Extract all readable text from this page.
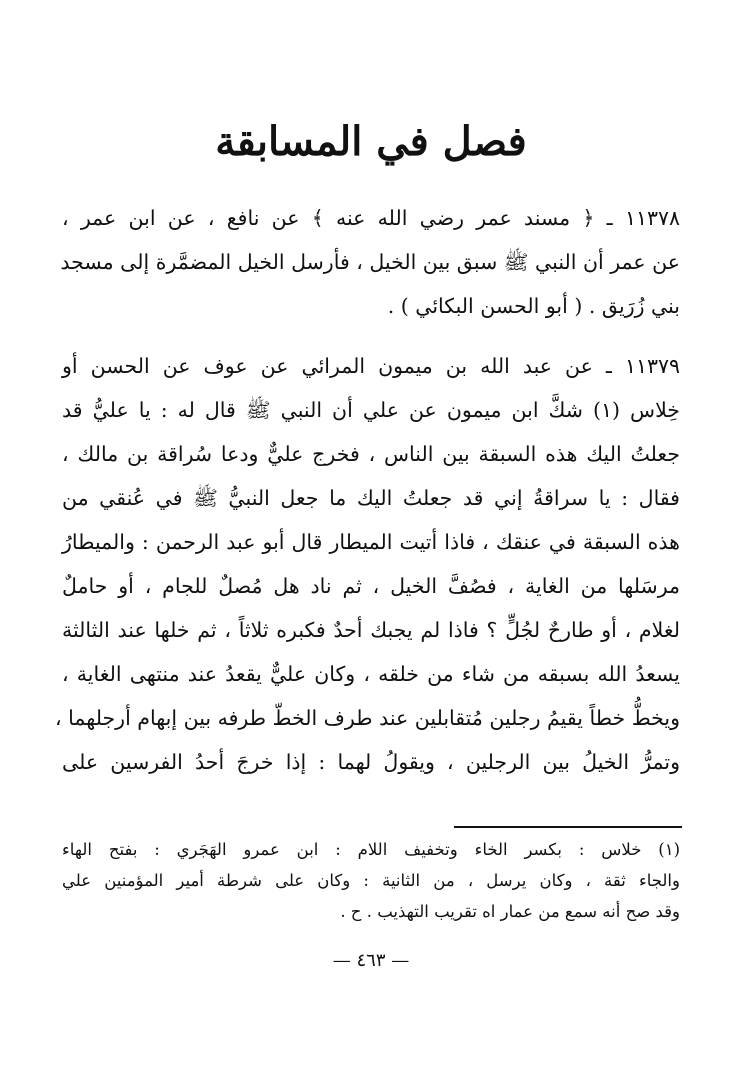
فصل في المسابقة
١١٣٧٨ ـ ﴿ مسند عمر رضي الله عنه ﴾ عن نافع ، عن ابن عمر ،
عن عمر أن النبي ﷺ سبق بين الخيل ، فأرسل الخيل المضمَّرة إلى مسجد
بني زُرَيق . ( أبو الحسن البكائي ) .
١١٣٧٩ ـ عن عبد الله بن ميمون المرائي عن عوف عن الحسن أو
خِلاس (١) شكَّ ابن ميمون عن علي أن النبي ﷺ قال له : يا عليُّ قد
جعلتُ اليك هذه السبقة بين الناس ، فخرج عليٌّ ودعا سُراقة بن مالك ،
فقال : يا سراقةُ إني قد جعلتُ اليك ما جعل النبيُّ ﷺ في عُنقي من
هذه السبقة في عنقك ، فاذا أتيت الميطار قال أبو عبد الرحمن : والميطارُ
مرسَلها من الغاية ، فصُفَّ الخيل ، ثم ناد هل مُصلٌ للجام ، أو حاملٌ
لغلام ، أو طارحٌ لجُلٍّ ؟ فاذا لم يجبك أحدٌ فكبره ثلاثاً ، ثم خلها عند الثالثة
يسعدُ الله بسبقه من شاء من خلقه ، وكان عليٌّ يقعدُ عند منتهى الغاية ،
ويخطُّ خطاً يقيمُ رجلين مُتقابلين عند طرف الخطّ طرفه بين إبهام أرجلهما ،
وتمرُّ الخيلُ بين الرجلين ، ويقولُ لهما : إذا خرجَ أحدُ الفرسين على
(١) خلاس : بكسر الخاء وتخفيف اللام : ابن عمرو الهَجَري : بفتح الهاء
والجاء ثقة ، وكان يرسل ، من الثانية : وكان على شرطة أمير المؤمنين علي
وقد صح أنه سمع من عمار اه تقريب التهذيب . ح .
— ٤٦٣ —
